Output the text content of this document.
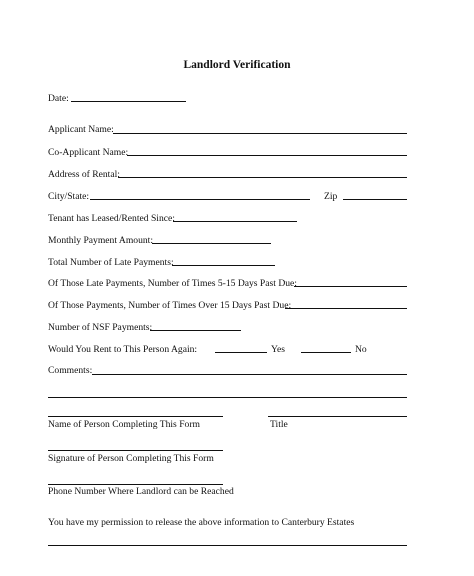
Landlord Verification
Date:
Applicant Name:
Co-Applicant Name:
Address of Rental:
City/State:	Zip
Tenant has Leased/Rented Since:
Monthly Payment Amount:
Total Number of Late Payments:
Of Those Late Payments, Number of Times 5-15 Days Past Due:
Of Those Payments, Number of Times Over 15 Days Past Due:
Number of NSF Payments:
Would You Rent to This Person Again:	Yes	No
Comments:
Name of Person Completing This Form	Title
Signature of Person Completing This Form
You have my permission to release the above information to Canterbury Estates
Phone Number Where Landlord can be Reached
